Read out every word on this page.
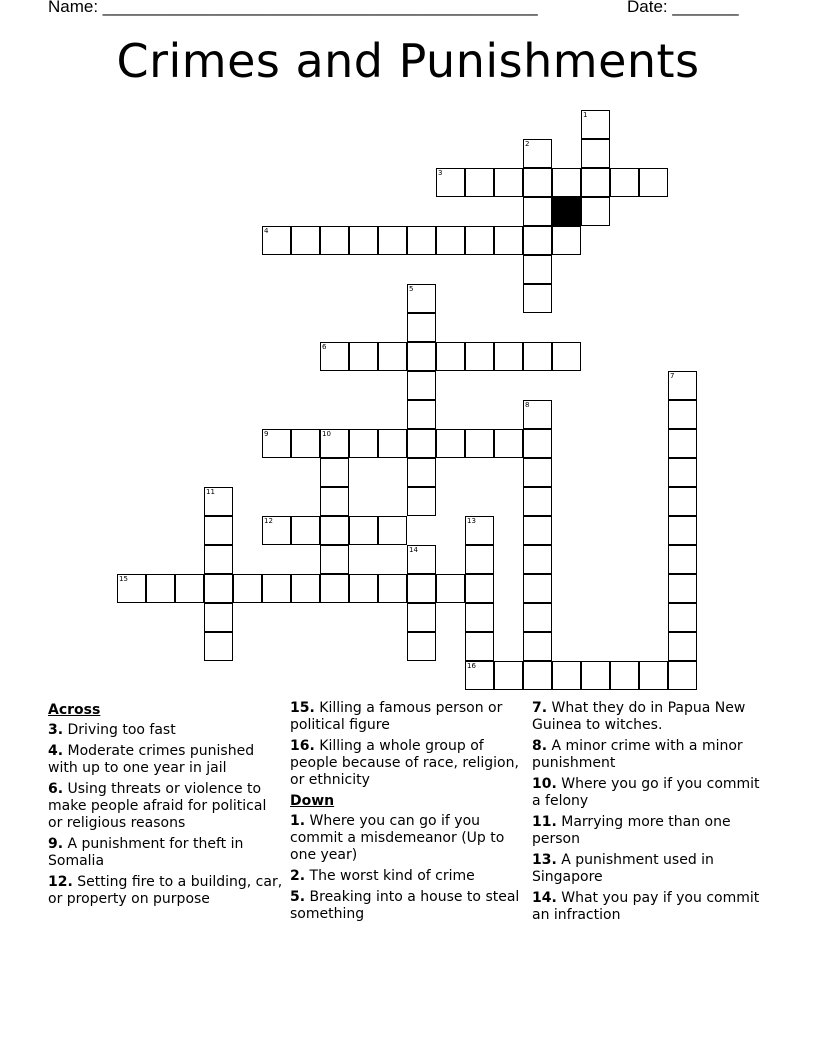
Name: ______________________________________________	Date: _______
Crimes and Punishments
1
2
3
4
5
6
7
8
9	10
11
12	13
14
15
16
Across
3. Driving too fast
4. Moderate crimes punished with up to one year in jail
6. Using threats or violence to make people afraid for political or religious reasons
9. A punishment for theft in Somalia
12. Setting fire to a building, car, or property on purpose
15. Killing a famous person or political figure
16. Killing a whole group of people because of race, religion, or ethnicity
Down
1. Where you can go if you commit a misdemeanor (Up to one year)
2. The worst kind of crime
5. Breaking into a house to steal something
7. What they do in Papua New Guinea to witches.
8. A minor crime with a minor punishment
10. Where you go if you commit a felony
11. Marrying more than one person
13. A punishment used in Singapore
14. What you pay if you commit an infraction
